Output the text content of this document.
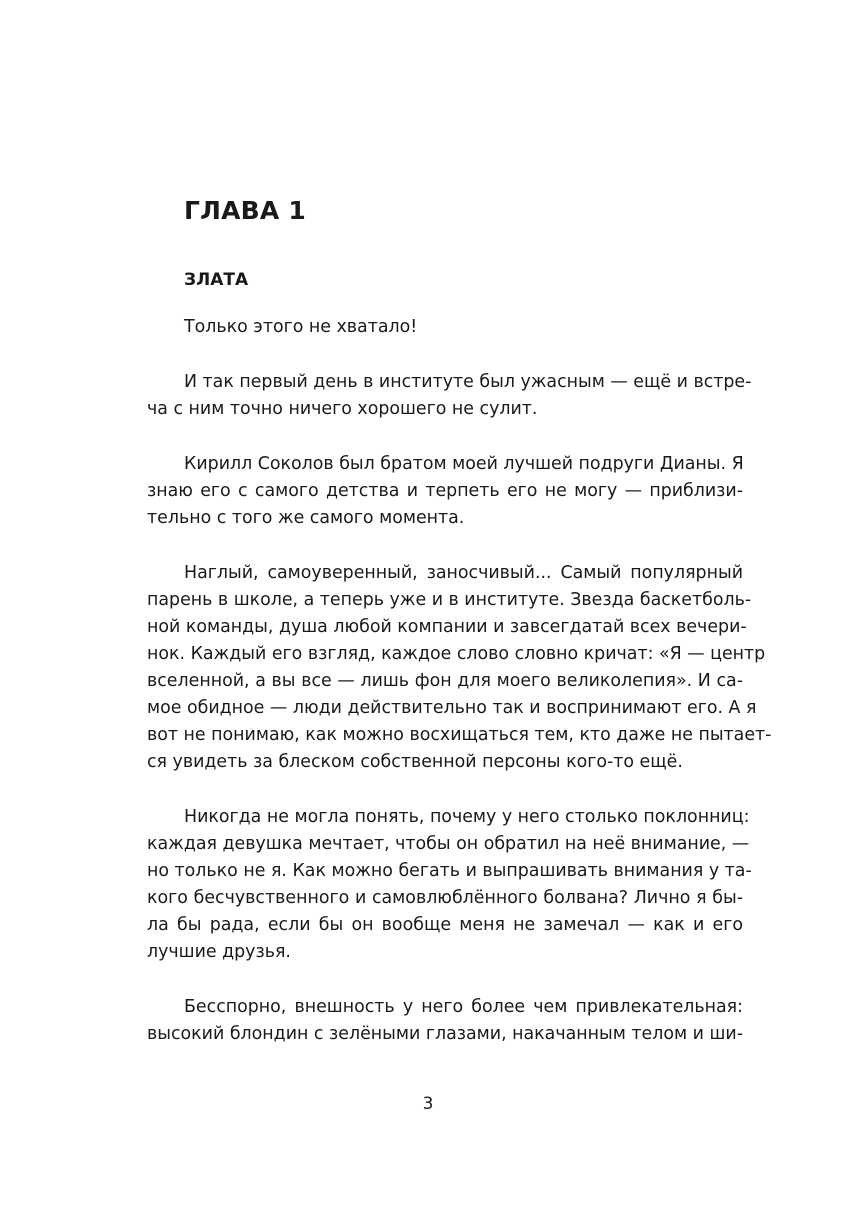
ГЛАВА 1
ЗЛАТА

Только этого не хватало!

И так первый день в институте был ужасным — ещё и встре-
ча с ним точно ничего хорошего не сулит.

Кирилл Соколов был братом моей лучшей подруги Дианы. Я
знаю его с самого детства и терпеть его не могу — приблизи-
тельно с того же самого момента.

Наглый, самоуверенный, заносчивый... Самый популярный
парень в школе, а теперь уже и в институте. Звезда баскетболь-
ной команды, душа любой компании и завсегдатай всех вечери-
нок. Каждый его взгляд, каждое слово словно кричат: «Я — центр
вселенной, а вы все — лишь фон для моего великолепия». И са-
мое обидное — люди действительно так и воспринимают его. А я
вот не понимаю, как можно восхищаться тем, кто даже не пытает-
ся увидеть за блеском собственной персоны кого-то ещё.

Никогда не могла понять, почему у него столько поклонниц:
каждая девушка мечтает, чтобы он обратил на неё внимание, —
но только не я. Как можно бегать и выпрашивать внимания у та-
кого бесчувственного и самовлюблённого болвана? Лично я бы-
ла бы рада, если бы он вообще меня не замечал — как и его
лучшие друзья.

Бесспорно, внешность у него более чем привлекательная:
высокий блондин с зелёными глазами, накачанным телом и ши-

3
